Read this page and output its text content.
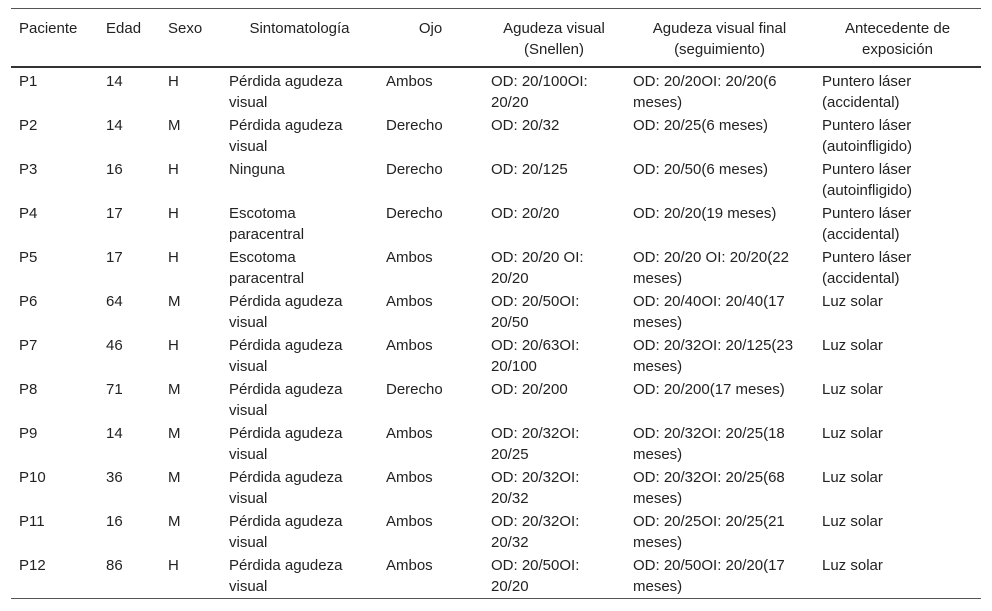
Paciente	Edad	Sexo	Sintomatología	Ojo	Agudeza visual (Snellen)	Agudeza visual final (seguimiento)	Antecedente de exposición
P1	14	H	Pérdida agudeza visual	Ambos	OD: 20/100OI: 20/20	OD: 20/20OI: 20/20(6 meses)	Puntero láser (accidental)
P2	14	M	Pérdida agudeza visual	Derecho	OD: 20/32	OD: 20/25(6 meses)	Puntero láser (autoinfligido)
P3	16	H	Ninguna	Derecho	OD: 20/125	OD: 20/50(6 meses)	Puntero láser (autoinfligido)
P4	17	H	Escotoma paracentral	Derecho	OD: 20/20	OD: 20/20(19 meses)	Puntero láser (accidental)
P5	17	H	Escotoma paracentral	Ambos	OD: 20/20 OI: 20/20	OD: 20/20 OI: 20/20(22 meses)	Puntero láser (accidental)
P6	64	M	Pérdida agudeza visual	Ambos	OD: 20/50OI: 20/50	OD: 20/40OI: 20/40(17 meses)	Luz solar
P7	46	H	Pérdida agudeza visual	Ambos	OD: 20/63OI: 20/100	OD: 20/32OI: 20/125(23 meses)	Luz solar
P8	71	M	Pérdida agudeza visual	Derecho	OD: 20/200	OD: 20/200(17 meses)	Luz solar
P9	14	M	Pérdida agudeza visual	Ambos	OD: 20/32OI: 20/25	OD: 20/32OI: 20/25(18 meses)	Luz solar
P10	36	M	Pérdida agudeza visual	Ambos	OD: 20/32OI: 20/32	OD: 20/32OI: 20/25(68 meses)	Luz solar
P11	16	M	Pérdida agudeza visual	Ambos	OD: 20/32OI: 20/32	OD: 20/25OI: 20/25(21 meses)	Luz solar
P12	86	H	Pérdida agudeza visual	Ambos	OD: 20/50OI: 20/20	OD: 20/50OI: 20/20(17 meses)	Luz solar
